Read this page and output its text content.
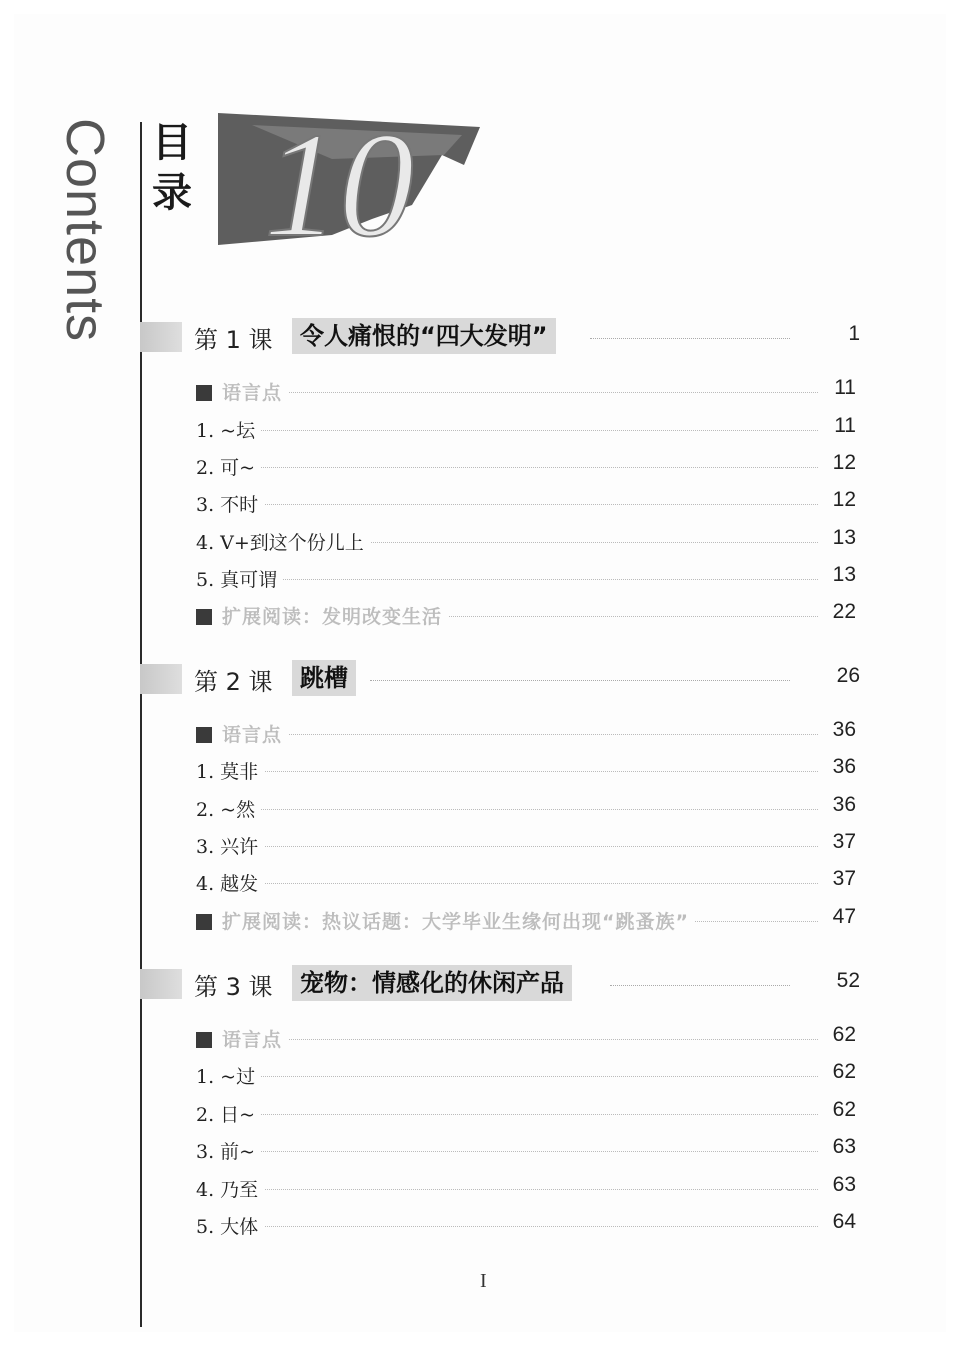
Contents 目
录 10
第 1 课	令人痛恨的“四大发明”	1
语言点	11
1. ~坛	11
2. 可~	12
3. 不时	12
4. V+到这个份儿上	13
5. 真可谓	13
扩展阅读：发明改变生活	22
第 2 课	跳槽	26
语言点	36
1. 莫非	36
2. ~然	36
3. 兴许	37
4. 越发	37
扩展阅读：热议话题：大学毕业生缘何出现“跳蚤族”	47
第 3 课	宠物：情感化的休闲产品	52
语言点	62
1. ~过	62
2. 日~	62
3. 前~	63
4. 乃至	63
5. 大体	64
I
